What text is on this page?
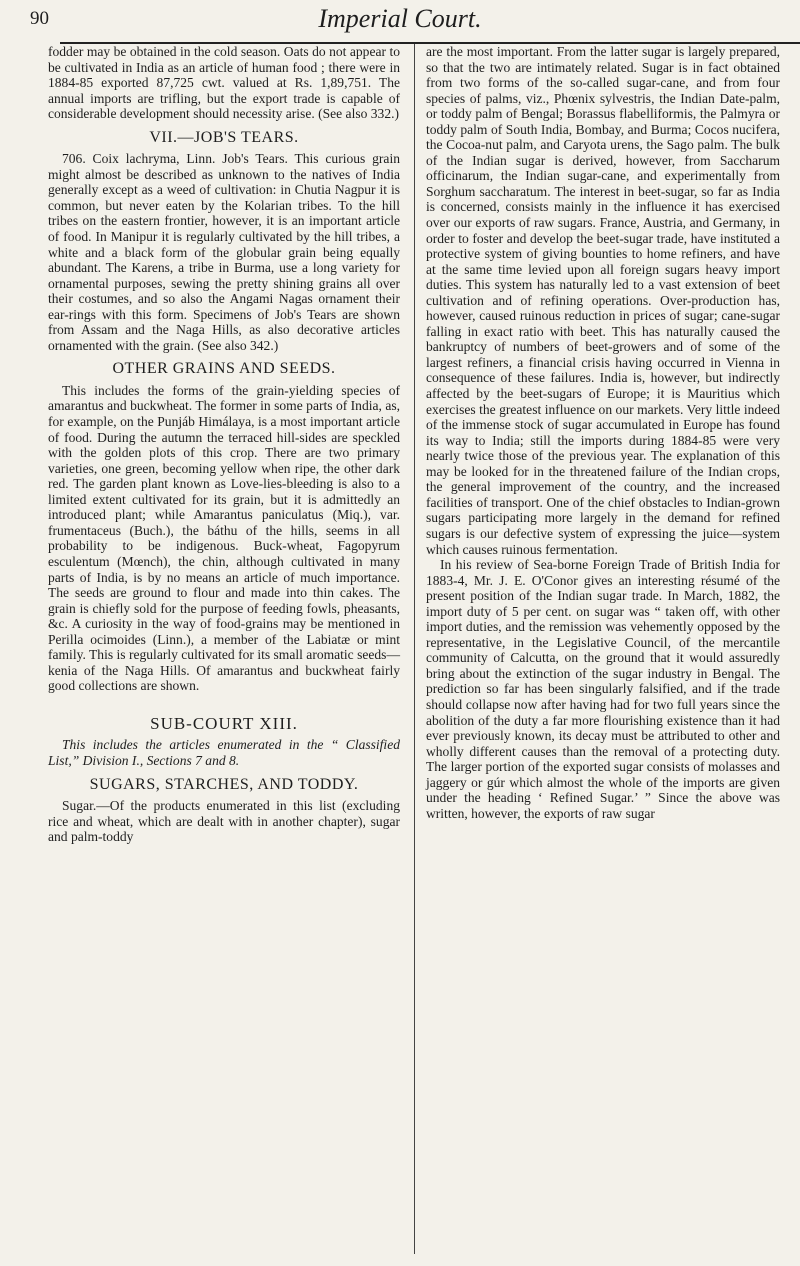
90	Imperial Court.

fodder may be obtained in the cold season. Oats do not appear to be cultivated in India as an article of human food ; there were in 1884-85 exported 87,725 cwt. valued at Rs. 1,89,751. The annual imports are trifling, but the export trade is capable of considerable development should necessity arise. (See also 332.)

VII.—JOB'S TEARS.

706. Coix lachryma, Linn. Job's Tears. This curious grain might almost be described as unknown to the natives of India generally except as a weed of cultivation: in Chutia Nagpur it is common, but never eaten by the Kolarian tribes. To the hill tribes on the eastern frontier, however, it is an important article of food. In Manipur it is regularly cultivated by the hill tribes, a white and a black form of the globular grain being equally abundant. The Karens, a tribe in Burma, use a long variety for ornamental purposes, sewing the pretty shining grains all over their costumes, and so also the Angami Nagas ornament their ear-rings with this form. Specimens of Job's Tears are shown from Assam and the Naga Hills, as also decorative articles ornamented with the grain. (See also 342.)

OTHER GRAINS AND SEEDS.

This includes the forms of the grain-yielding species of amarantus and buckwheat. The former in some parts of India, as, for example, on the Punjáb Himálaya, is a most important article of food. During the autumn the terraced hill-sides are speckled with the golden plots of this crop. There are two primary varieties, one green, becoming yellow when ripe, the other dark red. The garden plant known as Love-lies-bleeding is also to a limited extent cultivated for its grain, but it is admittedly an introduced plant; while Amarantus paniculatus (Miq.), var. frumentaceus (Buch.), the báthu of the hills, seems in all probability to be indigenous. Buck-wheat, Fagopyrum esculentum (Mœnch), the chin, although cultivated in many parts of India, is by no means an article of much importance. The seeds are ground to flour and made into thin cakes. The grain is chiefly sold for the purpose of feeding fowls, pheasants, &c. A curiosity in the way of food-grains may be mentioned in Perilla ocimoides (Linn.), a member of the Labiatæ or mint family. This is regularly cultivated for its small aromatic seeds—kenia of the Naga Hills. Of amarantus and buckwheat fairly good collections are shown.

SUB-COURT XIII.

This includes the articles enumerated in the “ Classified List,” Division I., Sections 7 and 8.

SUGARS, STARCHES, AND TODDY.

Sugar.—Of the products enumerated in this list (excluding rice and wheat, which are dealt with in another chapter), sugar and palm-toddy

are the most important. From the latter sugar is largely prepared, so that the two are intimately related. Sugar is in fact obtained from two forms of the so-called sugar-cane, and from four species of palms, viz., Phœnix sylvestris, the Indian Date-palm, or toddy palm of Bengal; Borassus flabelliformis, the Palmyra or toddy palm of South India, Bombay, and Burma; Cocos nucifera, the Cocoa-nut palm, and Caryota urens, the Sago palm. The bulk of the Indian sugar is derived, however, from Saccharum officinarum, the Indian sugar-cane, and experimentally from Sorghum saccharatum. The interest in beet-sugar, so far as India is concerned, consists mainly in the influence it has exercised over our exports of raw sugars. France, Austria, and Germany, in order to foster and develop the beet-sugar trade, have instituted a protective system of giving bounties to home refiners, and have at the same time levied upon all foreign sugars heavy import duties. This system has naturally led to a vast extension of beet cultivation and of refining operations. Over-production has, however, caused ruinous reduction in prices of sugar; cane-sugar falling in exact ratio with beet. This has naturally caused the bankruptcy of numbers of beet-growers and of some of the largest refiners, a financial crisis having occurred in Vienna in consequence of these failures. India is, however, but indirectly affected by the beet-sugars of Europe; it is Mauritius which exercises the greatest influence on our markets. Very little indeed of the immense stock of sugar accumulated in Europe has found its way to India; still the imports during 1884-85 were very nearly twice those of the previous year. The explanation of this may be looked for in the threatened failure of the Indian crops, the general improvement of the country, and the increased facilities of transport. One of the chief obstacles to Indian-grown sugars participating more largely in the demand for refined sugars is our defective system of expressing the juice—system which causes ruinous fermentation.

In his review of Sea-borne Foreign Trade of British India for 1883-4, Mr. J. E. O'Conor gives an interesting résumé of the present position of the Indian sugar trade. In March, 1882, the import duty of 5 per cent. on sugar was “ taken off, with other import duties, and the remission was vehemently opposed by the representative, in the Legislative Council, of the mercantile community of Calcutta, on the ground that it would assuredly bring about the extinction of the sugar industry in Bengal. The prediction so far has been singularly falsified, and if the trade should collapse now after having had for two full years since the abolition of the duty a far more flourishing existence than it had ever previously known, its decay must be attributed to other and wholly different causes than the removal of a protecting duty. The larger portion of the exported sugar consists of molasses and jaggery or gúr which almost the whole of the imports are given under the heading ‘ Refined Sugar.’ ” Since the above was written, however, the exports of raw sugar
